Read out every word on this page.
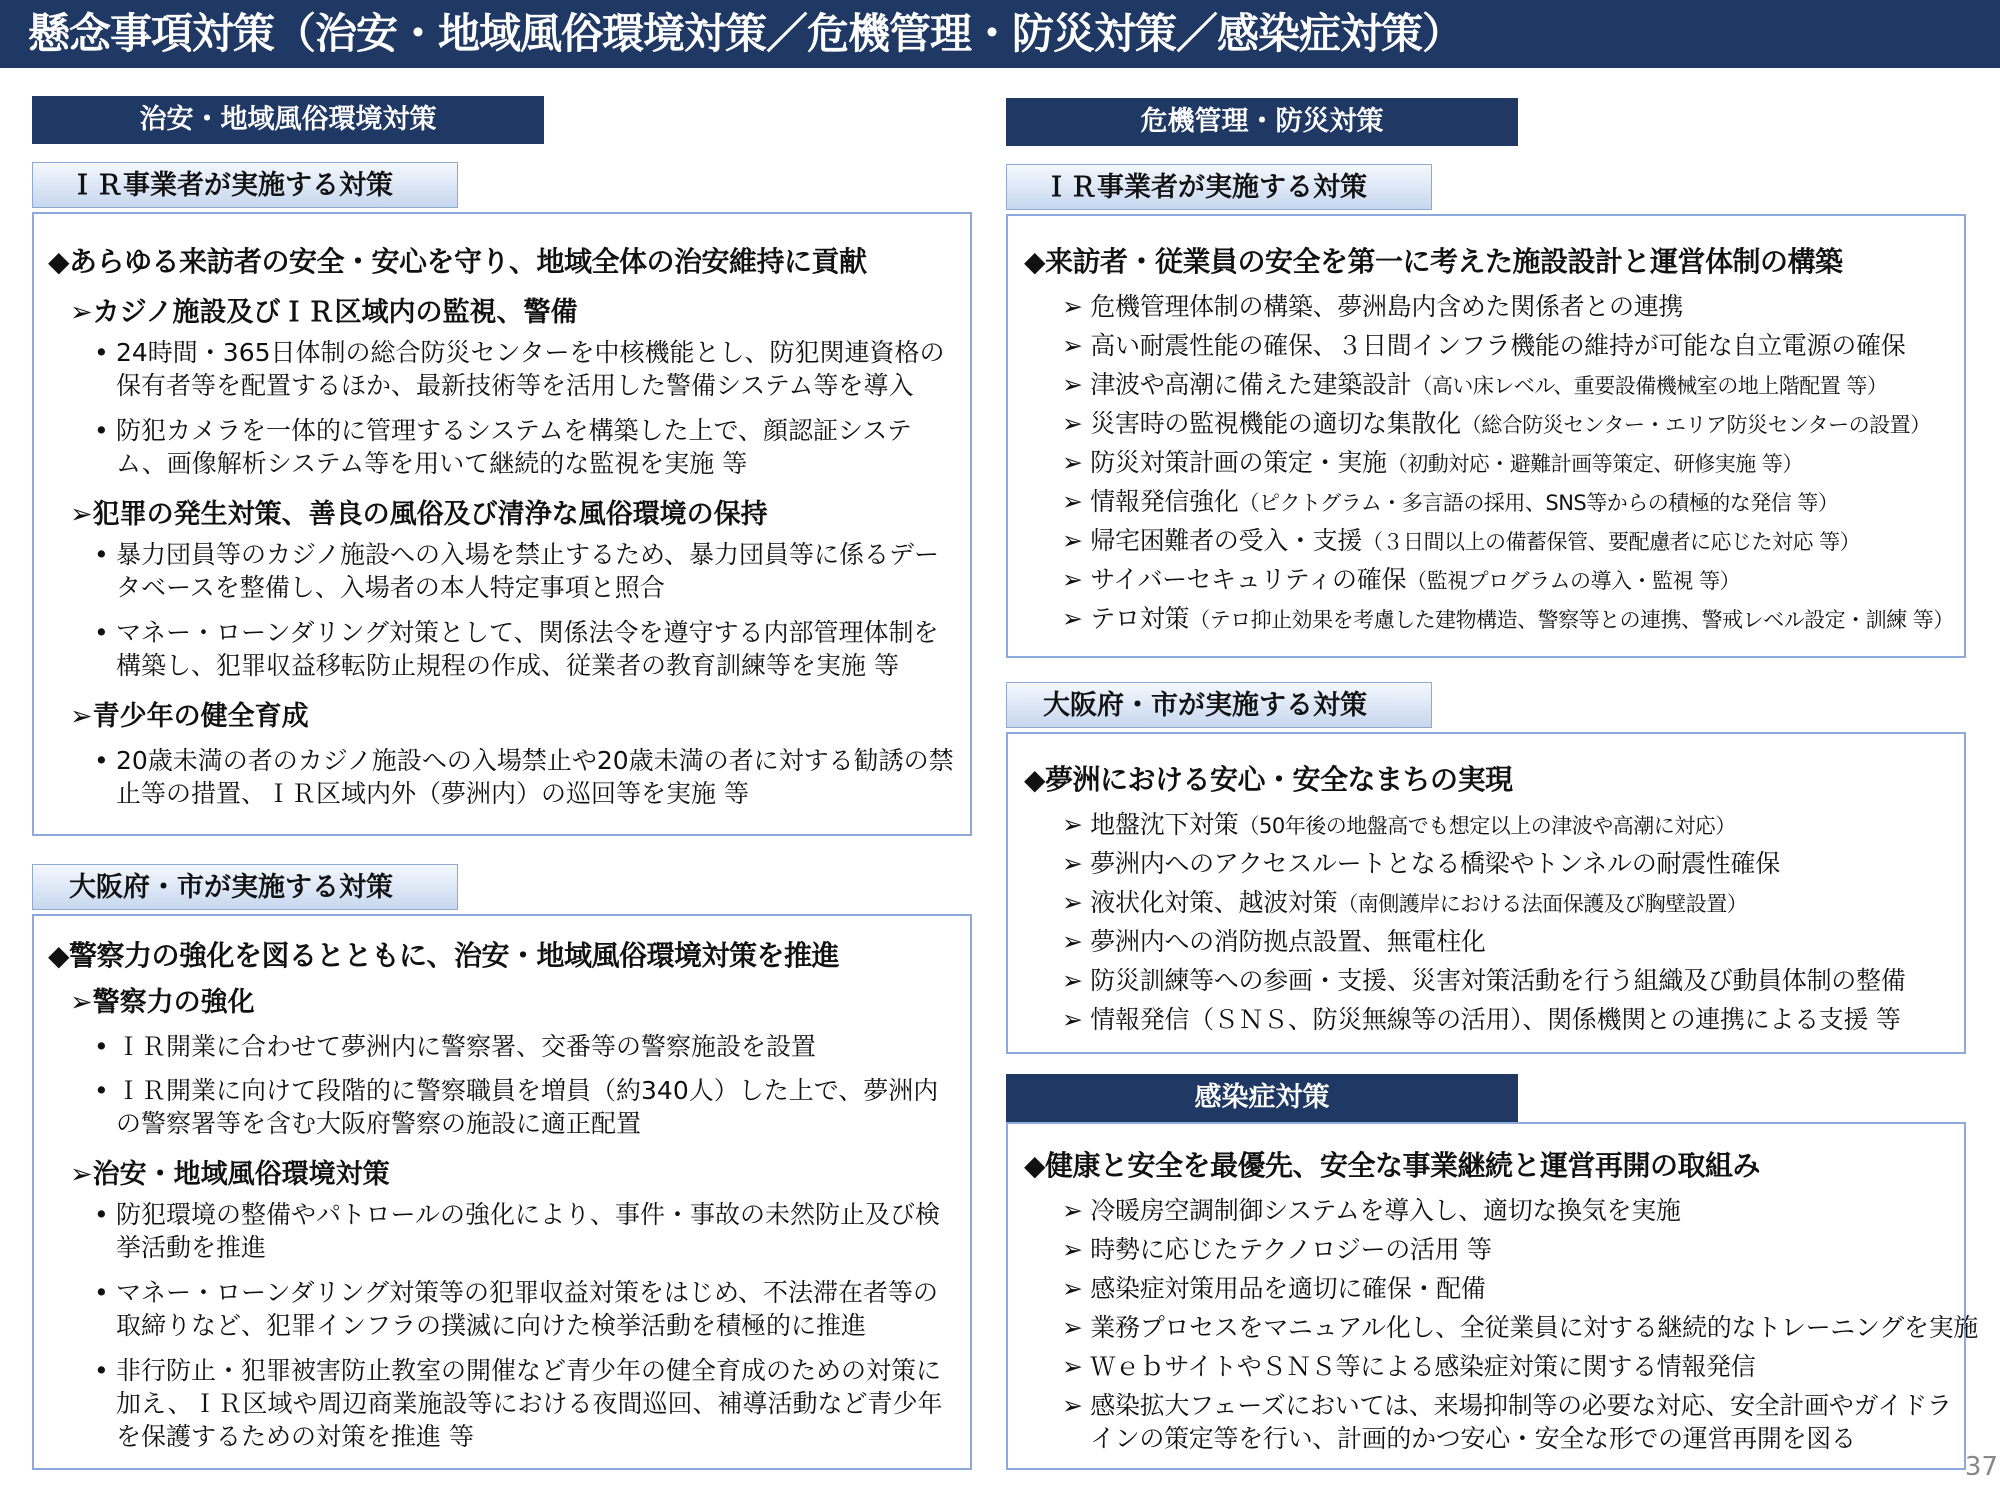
懸念事項対策（治安・地域風俗環境対策／危機管理・防災対策／感染症対策）
治安・地域風俗環境対策
ＩＲ事業者が実施する対策
◆あらゆる来訪者の安全・安心を守り、地域全体の治安維持に貢献
➢カジノ施設及びＩＲ区域内の監視、警備
• 24時間・365日体制の総合防災センターを中核機能とし、防犯関連資格の保有者等を配置するほか、最新技術等を活用した警備システム等を導入
• 防犯カメラを一体的に管理するシステムを構築した上で、顔認証システム、画像解析システム等を用いて継続的な監視を実施 等
➢犯罪の発生対策、善良の風俗及び清浄な風俗環境の保持
• 暴力団員等のカジノ施設への入場を禁止するため、暴力団員等に係るデータベースを整備し、入場者の本人特定事項と照合
• マネー・ローンダリング対策として、関係法令を遵守する内部管理体制を構築し、犯罪収益移転防止規程の作成、従業者の教育訓練等を実施 等
➢青少年の健全育成
• 20歳未満の者のカジノ施設への入場禁止や20歳未満の者に対する勧誘の禁止等の措置、ＩＲ区域内外（夢洲内）の巡回等を実施 等
大阪府・市が実施する対策
◆警察力の強化を図るとともに、治安・地域風俗環境対策を推進
➢警察力の強化
• ＩＲ開業に合わせて夢洲内に警察署、交番等の警察施設を設置
• ＩＲ開業に向けて段階的に警察職員を増員（約340人）した上で、夢洲内の警察署等を含む大阪府警察の施設に適正配置
➢治安・地域風俗環境対策
• 防犯環境の整備やパトロールの強化により、事件・事故の未然防止及び検挙活動を推進
• マネー・ローンダリング対策等の犯罪収益対策をはじめ、不法滞在者等の取締りなど、犯罪インフラの撲滅に向けた検挙活動を積極的に推進
• 非行防止・犯罪被害防止教室の開催など青少年の健全育成のための対策に加え、ＩＲ区域や周辺商業施設等における夜間巡回、補導活動など青少年を保護するための対策を推進 等
危機管理・防災対策
ＩＲ事業者が実施する対策
◆来訪者・従業員の安全を第一に考えた施設設計と運営体制の構築
➢ 危機管理体制の構築、夢洲島内含めた関係者との連携
➢ 高い耐震性能の確保、３日間インフラ機能の維持が可能な自立電源の確保
➢ 津波や高潮に備えた建築設計（高い床レベル、重要設備機械室の地上階配置 等）
➢ 災害時の監視機能の適切な集散化（総合防災センター・エリア防災センターの設置）
➢ 防災対策計画の策定・実施（初動対応・避難計画等策定、研修実施 等）
➢ 情報発信強化（ピクトグラム・多言語の採用、SNS等からの積極的な発信 等）
➢ 帰宅困難者の受入・支援（３日間以上の備蓄保管、要配慮者に応じた対応 等）
➢ サイバーセキュリティの確保（監視プログラムの導入・監視 等）
➢ テロ対策（テロ抑止効果を考慮した建物構造、警察等との連携、警戒レベル設定・訓練 等）
大阪府・市が実施する対策
◆夢洲における安心・安全なまちの実現
➢ 地盤沈下対策（50年後の地盤高でも想定以上の津波や高潮に対応）
➢ 夢洲内へのアクセスルートとなる橋梁やトンネルの耐震性確保
➢ 液状化対策、越波対策（南側護岸における法面保護及び胸壁設置）
➢ 夢洲内への消防拠点設置、無電柱化
➢ 防災訓練等への参画・支援、災害対策活動を行う組織及び動員体制の整備
➢ 情報発信（ＳＮＳ、防災無線等の活用）、関係機関との連携による支援 等
感染症対策
◆健康と安全を最優先、安全な事業継続と運営再開の取組み
➢ 冷暖房空調制御システムを導入し、適切な換気を実施
➢ 時勢に応じたテクノロジーの活用 等
➢ 感染症対策用品を適切に確保・配備
➢ 業務プロセスをマニュアル化し、全従業員に対する継続的なトレーニングを実施
➢ ＷｅｂサイトやＳＮＳ等による感染症対策に関する情報発信
➢ 感染拡大フェーズにおいては、来場抑制等の必要な対応、安全計画やガイドラインの策定等を行い、計画的かつ安心・安全な形での運営再開を図る
37
